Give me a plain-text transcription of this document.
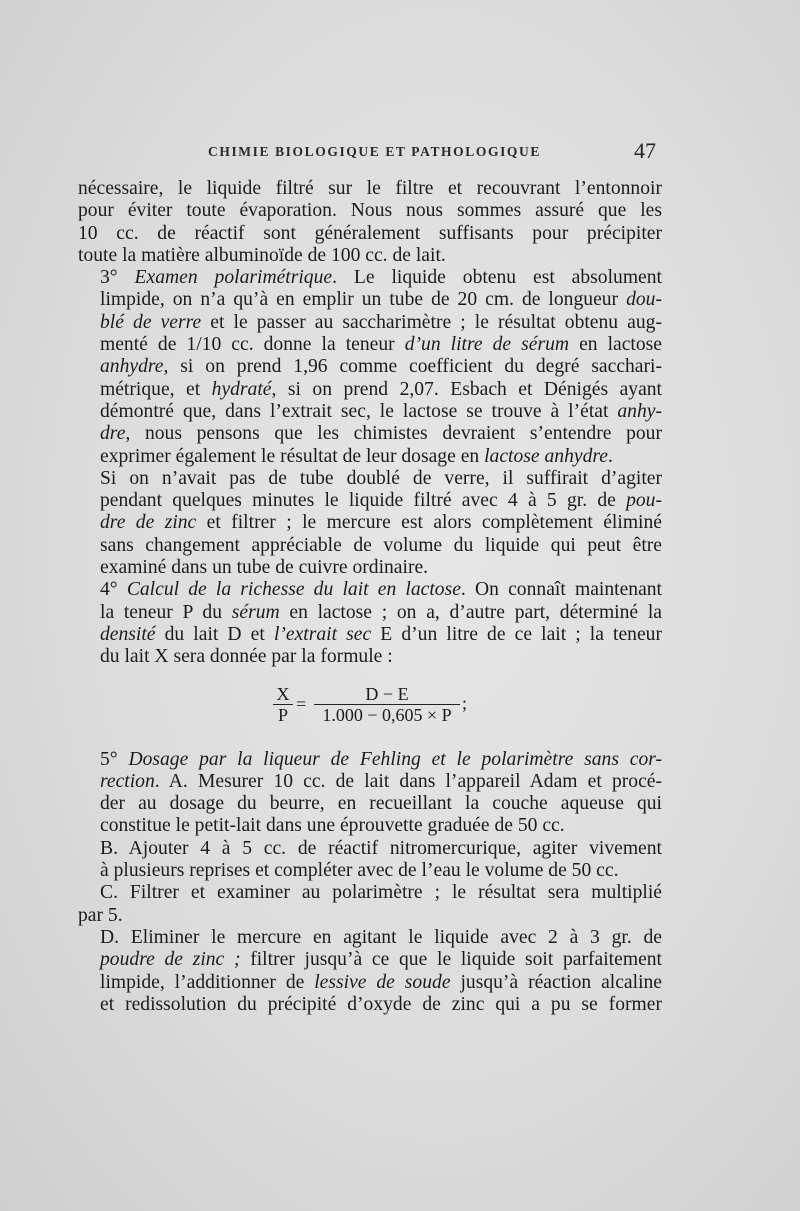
CHIMIE BIOLOGIQUE ET PATHOLOGIQUE	47

nécessaire, le liquide filtré sur le filtre et recouvrant l’entonnoir
pour éviter toute évaporation. Nous nous sommes assuré que les
10 cc. de réactif sont généralement suffisants pour précipiter
toute la matière albuminoïde de 100 cc. de lait.

3° Examen polarimétrique. Le liquide obtenu est absolument
limpide, on n’a qu’à en emplir un tube de 20 cm. de longueur dou-
blé de verre et le passer au saccharimètre ; le résultat obtenu aug-
menté de 1/10 cc. donne la teneur d’un litre de sérum en lactose
anhydre, si on prend 1,96 comme coefficient du degré sacchari-
métrique, et hydraté, si on prend 2,07. Esbach et Dénigés ayant
démontré que, dans l’extrait sec, le lactose se trouve à l’état anhy-
dre, nous pensons que les chimistes devraient s’entendre pour
exprimer également le résultat de leur dosage en lactose anhydre.

Si on n’avait pas de tube doublé de verre, il suffirait d’agiter
pendant quelques minutes le liquide filtré avec 4 à 5 gr. de pou-
dre de zinc et filtrer ; le mercure est alors complètement éliminé
sans changement appréciable de volume du liquide qui peut être
examiné dans un tube de cuivre ordinaire.

4° Calcul de la richesse du lait en lactose. On connaît maintenant
la teneur P du sérum en lactose ; on a, d’autre part, déterminé la
densité du lait D et l’extrait sec E d’un litre de ce lait ; la teneur
du lait X sera donnée par la formule :

X
P
=	D − E
1.000 − 0,605 × P
;

5° Dosage par la liqueur de Fehling et le polarimètre sans cor-
rection. A. Mesurer 10 cc. de lait dans l’appareil Adam et procé-
der au dosage du beurre, en recueillant la couche aqueuse qui
constitue le petit-lait dans une éprouvette graduée de 50 cc.

B. Ajouter 4 à 5 cc. de réactif nitromercurique, agiter vivement
à plusieurs reprises et compléter avec de l’eau le volume de 50 cc.

C. Filtrer et examiner au polarimètre ; le résultat sera multiplié
par 5.

D. Eliminer le mercure en agitant le liquide avec 2 à 3 gr. de
poudre de zinc ; filtrer jusqu’à ce que le liquide soit parfaitement
limpide, l’additionner de lessive de soude jusqu’à réaction alcaline
et redissolution du précipité d’oxyde de zinc qui a pu se former
